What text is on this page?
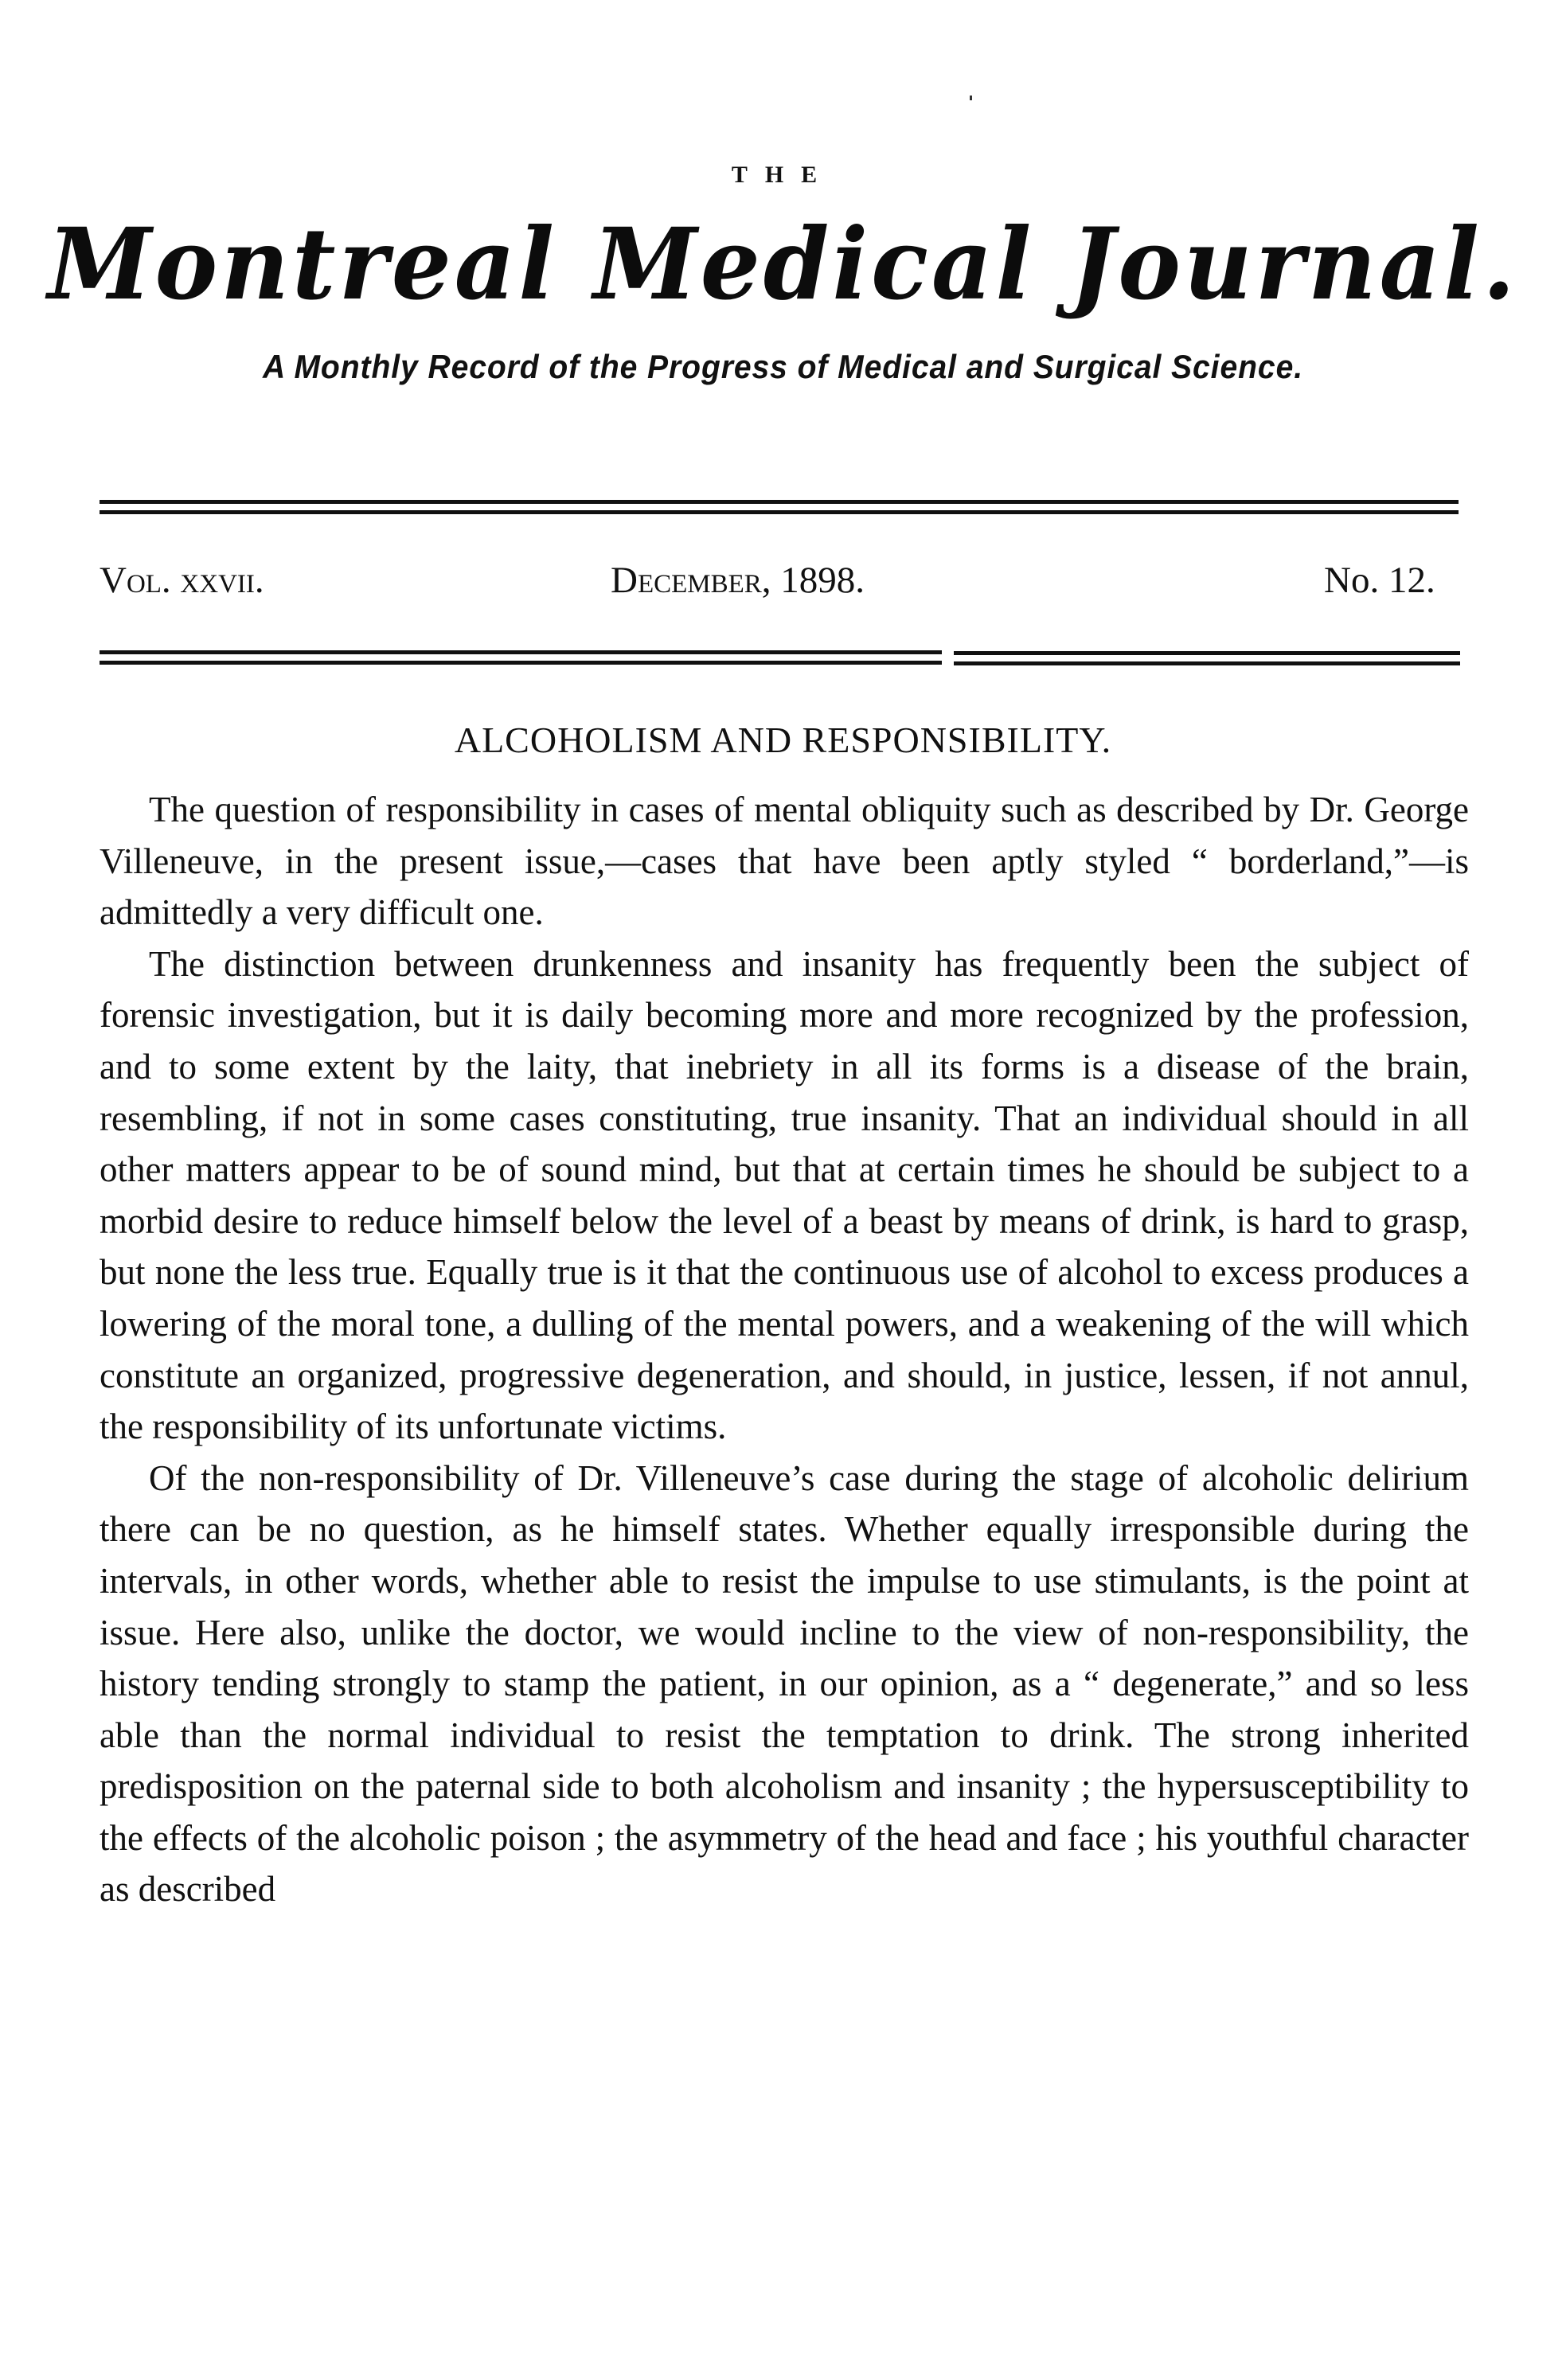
THE
Montreal Medical Journal.
A Monthly Record of the Progress of Medical and Surgical Science.
Vol. xxvii.	December, 1898.	No. 12.
ALCOHOLISM AND RESPONSIBILITY.

The question of responsibility in cases of mental obliquity such as described by Dr. George Villeneuve, in the present issue,—cases that have been aptly styled “ borderland,”—is admittedly a very difficult one.

The distinction between drunkenness and insanity has frequently been the subject of forensic investigation, but it is daily becoming more and more recognized by the profession, and to some extent by the laity, that inebriety in all its forms is a disease of the brain, resembling, if not in some cases constituting, true insanity. That an individual should in all other matters appear to be of sound mind, but that at certain times he should be subject to a morbid desire to reduce himself below the level of a beast by means of drink, is hard to grasp, but none the less true. Equally true is it that the continuous use of alcohol to excess produces a lowering of the moral tone, a dulling of the mental powers, and a weakening of the will which constitute an organized, progressive degeneration, and should, in justice, lessen, if not annul, the responsibility of its unfortunate victims.

Of the non-responsibility of Dr. Villeneuve’s case during the stage of alcoholic delirium there can be no question, as he himself states. Whether equally irresponsible during the intervals, in other words, whether able to resist the impulse to use stimulants, is the point at issue. Here also, unlike the doctor, we would incline to the view of non-responsibility, the history tending strongly to stamp the patient, in our opinion, as a “ degenerate,” and so less able than the normal individual to resist the temptation to drink. The strong inherited predisposition on the paternal side to both alcoholism and insanity ; the hypersusceptibility to the effects of the alcoholic poison ; the asymmetry of the head and face ; his youthful character as described
